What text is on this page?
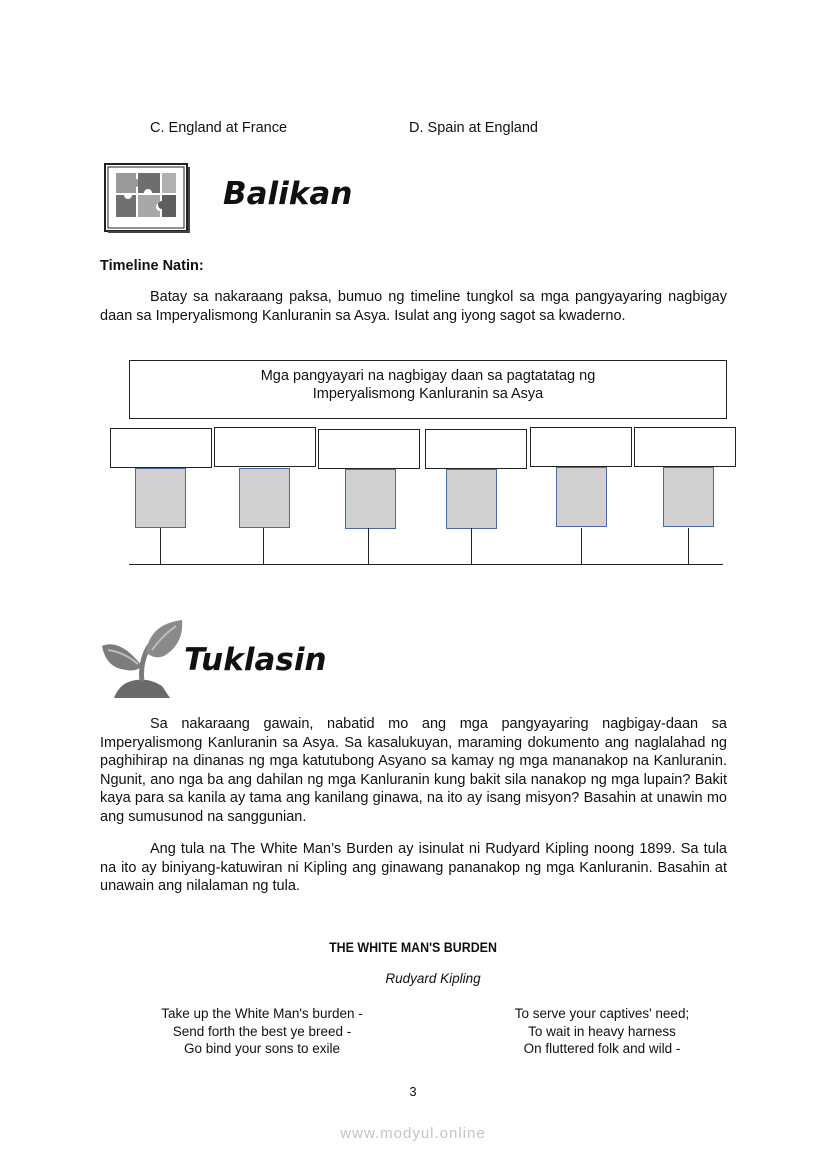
C. England at France	D. Spain at England
Balikan
Timeline Natin:

Batay sa nakaraang paksa, bumuo ng timeline tungkol sa mga pangyayaring nagbigay daan sa Imperyalismong Kanluranin sa Asya. Isulat ang iyong sagot sa kwaderno.

Mga pangyayari na nagbigay daan sa pagtatatag ng
Imperyalismong Kanluranin sa Asya
Tuklasin

Sa nakaraang gawain, nabatid mo ang mga pangyayaring nagbigay-daan sa Imperyalismong Kanluranin sa Asya. Sa kasalukuyan, maraming dokumento ang naglalahad ng paghihirap na dinanas ng mga katutubong Asyano sa kamay ng mga mananakop na Kanluranin. Ngunit, ano nga ba ang dahilan ng mga Kanluranin kung bakit sila nanakop ng mga lupain? Bakit kaya para sa kanila ay tama ang kanilang ginawa, na ito ay isang misyon? Basahin at unawin mo ang sumusunod na sanggunian.

Ang tula na The White Man’s Burden ay isinulat ni Rudyard Kipling noong 1899. Sa tula na ito ay biniyang-katuwiran ni Kipling ang ginawang pananakop ng mga Kanluranin. Basahin at unawain ang nilalaman ng tula.

THE WHITE MAN'S BURDEN
Rudyard Kipling
Take up the White Man's burden -
Send forth the best ye breed -
Go bind your sons to exile
To serve your captives' need;
To wait in heavy harness
On fluttered folk and wild -
3
www.modyul.online
